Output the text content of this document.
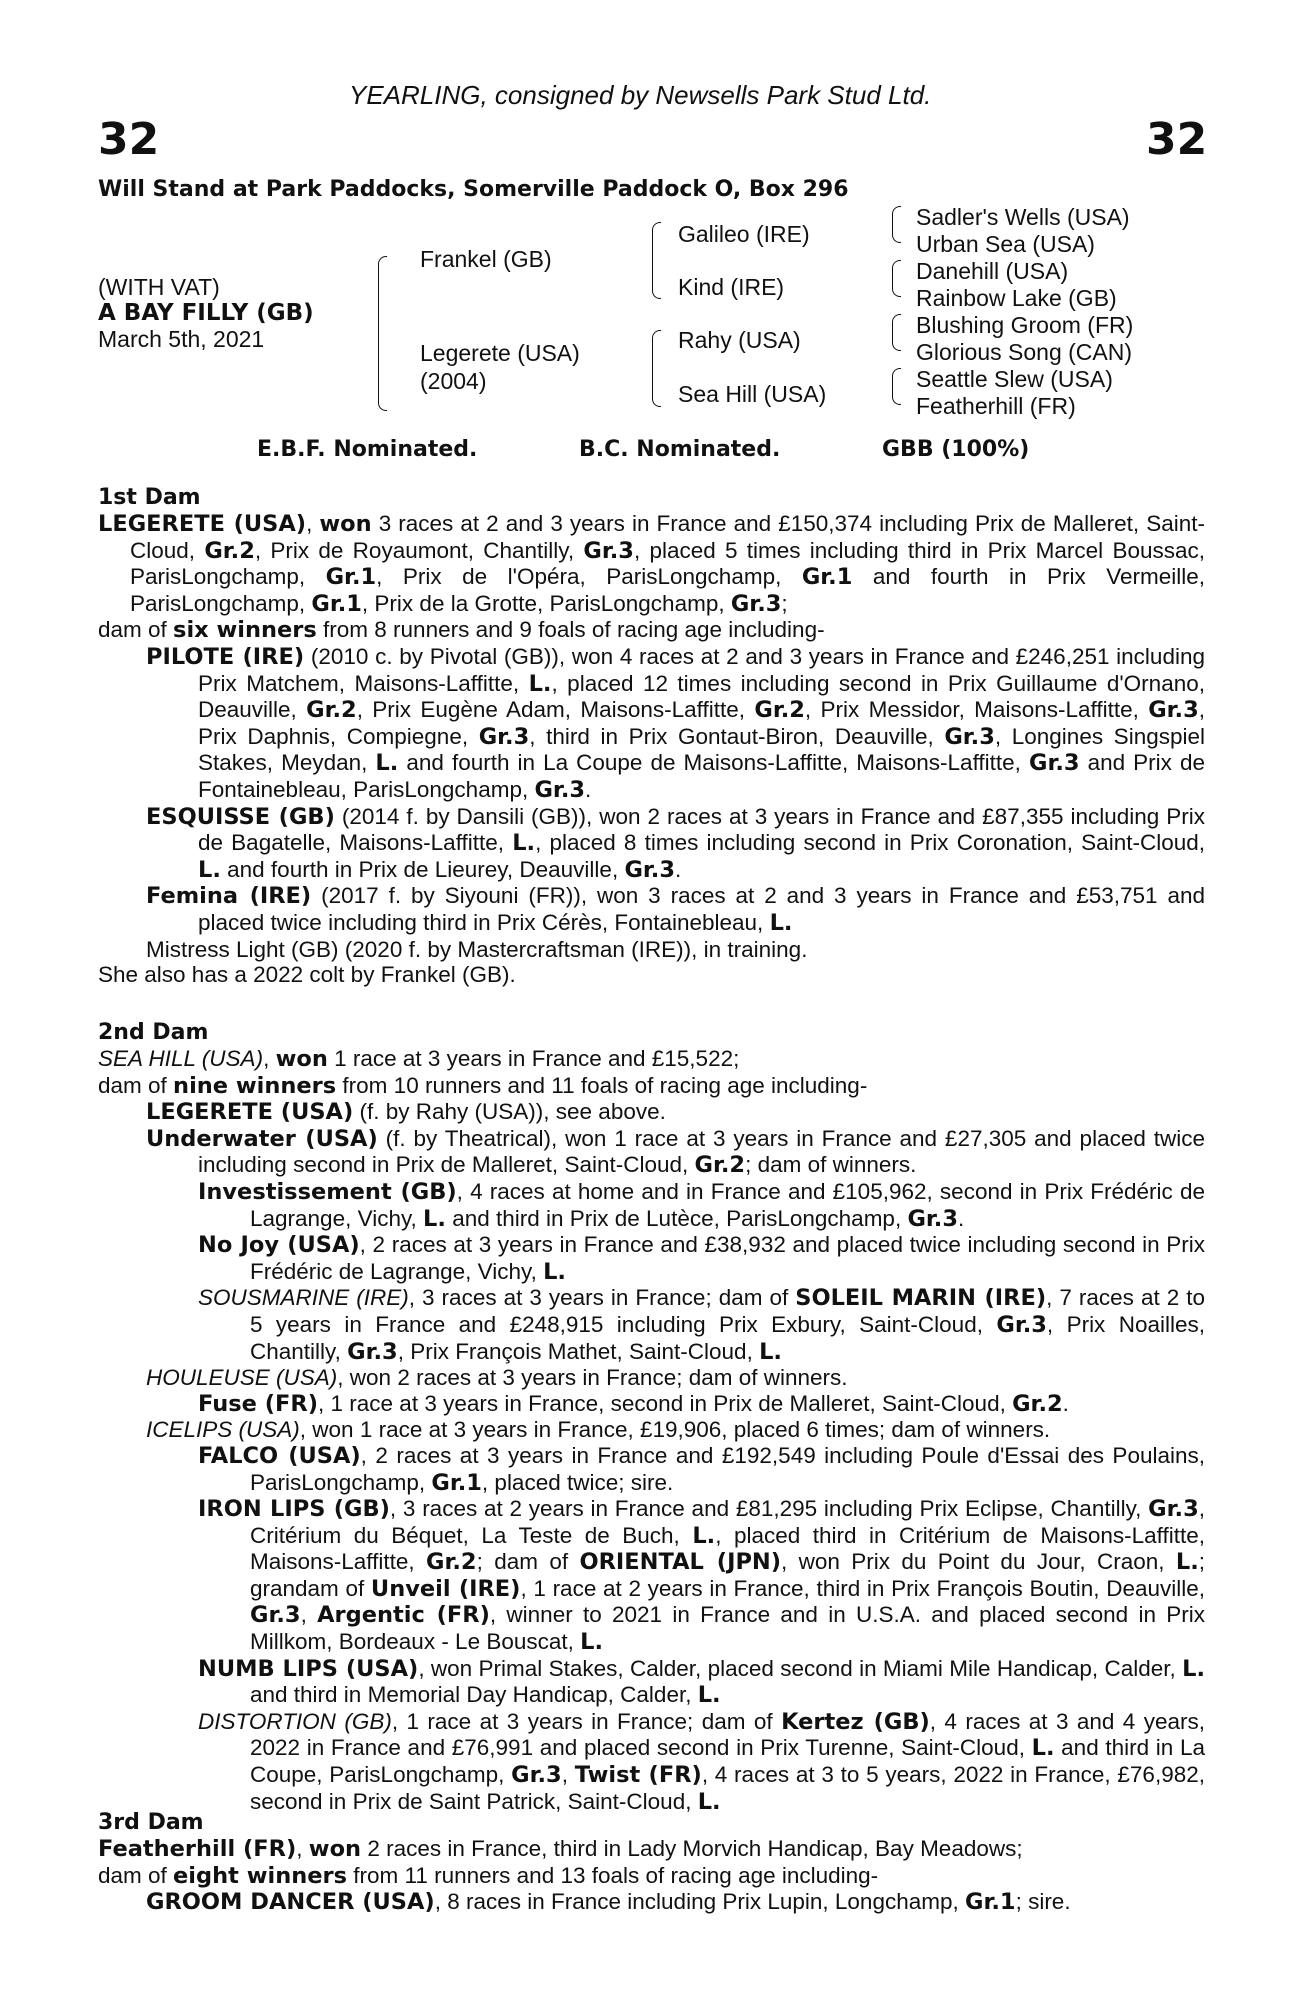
YEARLING, consigned by Newsells Park Stud Ltd.
32	32
Will Stand at Park Paddocks, Somerville Paddock O, Box 296
(WITH VAT)
A BAY FILLY (GB)
March 5th, 2021
Frankel (GB)
Legerete (USA)
(2004)
Galileo (IRE)
Kind (IRE)
Rahy (USA)
Sea Hill (USA)
Sadler's Wells (USA)
Urban Sea (USA)
Danehill (USA)
Rainbow Lake (GB)
Blushing Groom (FR)
Glorious Song (CAN)
Seattle Slew (USA)
Featherhill (FR)
E.B.F. Nominated.	B.C. Nominated.	GBB (100%)
1st Dam

LEGERETE (USA), won 3 races at 2 and 3 years in France and £150,374 including Prix de Malleret, Saint-Cloud, Gr.2, Prix de Royaumont, Chantilly, Gr.3, placed 5 times including third in Prix Marcel Boussac, ParisLongchamp, Gr.1, Prix de l'Opéra, ParisLongchamp, Gr.1 and fourth in Prix Vermeille, ParisLongchamp, Gr.1, Prix de la Grotte, ParisLongchamp, Gr.3;

dam of six winners from 8 runners and 9 foals of racing age including-

PILOTE (IRE) (2010 c. by Pivotal (GB)), won 4 races at 2 and 3 years in France and £246,251 including Prix Matchem, Maisons-Laffitte, L., placed 12 times including second in Prix Guillaume d'Ornano, Deauville, Gr.2, Prix Eugène Adam, Maisons-Laffitte, Gr.2, Prix Messidor, Maisons-Laffitte, Gr.3, Prix Daphnis, Compiegne, Gr.3, third in Prix Gontaut-Biron, Deauville, Gr.3, Longines Singspiel Stakes, Meydan, L. and fourth in La Coupe de Maisons-Laffitte, Maisons-Laffitte, Gr.3 and Prix de Fontainebleau, ParisLongchamp, Gr.3.

ESQUISSE (GB) (2014 f. by Dansili (GB)), won 2 races at 3 years in France and £87,355 including Prix de Bagatelle, Maisons-Laffitte, L., placed 8 times including second in Prix Coronation, Saint-Cloud, L. and fourth in Prix de Lieurey, Deauville, Gr.3.

Femina (IRE) (2017 f. by Siyouni (FR)), won 3 races at 2 and 3 years in France and £53,751 and placed twice including third in Prix Cérès, Fontainebleau, L.

Mistress Light (GB) (2020 f. by Mastercraftsman (IRE)), in training.

She also has a 2022 colt by Frankel (GB).

2nd Dam

SEA HILL (USA), won 1 race at 3 years in France and £15,522;

dam of nine winners from 10 runners and 11 foals of racing age including-

LEGERETE (USA) (f. by Rahy (USA)), see above.

Underwater (USA) (f. by Theatrical), won 1 race at 3 years in France and £27,305 and placed twice including second in Prix de Malleret, Saint-Cloud, Gr.2; dam of winners.

Investissement (GB), 4 races at home and in France and £105,962, second in Prix Frédéric de Lagrange, Vichy, L. and third in Prix de Lutèce, ParisLongchamp, Gr.3.

No Joy (USA), 2 races at 3 years in France and £38,932 and placed twice including second in Prix Frédéric de Lagrange, Vichy, L.

SOUSMARINE (IRE), 3 races at 3 years in France; dam of SOLEIL MARIN (IRE), 7 races at 2 to 5 years in France and £248,915 including Prix Exbury, Saint-Cloud, Gr.3, Prix Noailles, Chantilly, Gr.3, Prix François Mathet, Saint-Cloud, L.

HOULEUSE (USA), won 2 races at 3 years in France; dam of winners.

Fuse (FR), 1 race at 3 years in France, second in Prix de Malleret, Saint-Cloud, Gr.2.

ICELIPS (USA), won 1 race at 3 years in France, £19,906, placed 6 times; dam of winners.

FALCO (USA), 2 races at 3 years in France and £192,549 including Poule d'Essai des Poulains, ParisLongchamp, Gr.1, placed twice; sire.

IRON LIPS (GB), 3 races at 2 years in France and £81,295 including Prix Eclipse, Chantilly, Gr.3, Critérium du Béquet, La Teste de Buch, L., placed third in Critérium de Maisons-Laffitte, Maisons-Laffitte, Gr.2; dam of ORIENTAL (JPN), won Prix du Point du Jour, Craon, L.; grandam of Unveil (IRE), 1 race at 2 years in France, third in Prix François Boutin, Deauville, Gr.3, Argentic (FR), winner to 2021 in France and in U.S.A. and placed second in Prix Millkom, Bordeaux - Le Bouscat, L.

NUMB LIPS (USA), won Primal Stakes, Calder, placed second in Miami Mile Handicap, Calder, L. and third in Memorial Day Handicap, Calder, L.

DISTORTION (GB), 1 race at 3 years in France; dam of Kertez (GB), 4 races at 3 and 4 years, 2022 in France and £76,991 and placed second in Prix Turenne, Saint-Cloud, L. and third in La Coupe, ParisLongchamp, Gr.3, Twist (FR), 4 races at 3 to 5 years, 2022 in France, £76,982, second in Prix de Saint Patrick, Saint-Cloud, L.

3rd Dam

Featherhill (FR), won 2 races in France, third in Lady Morvich Handicap, Bay Meadows;

dam of eight winners from 11 runners and 13 foals of racing age including-

GROOM DANCER (USA), 8 races in France including Prix Lupin, Longchamp, Gr.1; sire.
